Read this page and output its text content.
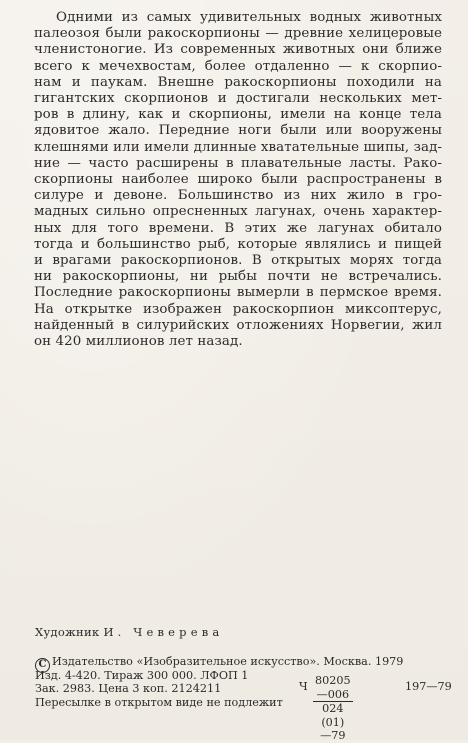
Одними из самых удивительных водных животных
палеозоя были ракоскорпионы — древние хелицеровые
членистоногие. Из современных животных они ближе
всего к мечехвостам, более отдаленно — к скорпио-
нам и паукам. Внешне ракоскорпионы походили на
гигантских скорпионов и достигали нескольких мет-
ров в длину, как и скорпионы, имели на конце тела
ядовитое жало. Передние ноги были или вооружены
клешнями или имели длинные хватательные шипы, зад-
ние — часто расширены в плавательные ласты. Рако-
скорпионы наиболее широко были распространены в
силуре и девоне. Большинство из них жило в гро-
мадных сильно опресненных лагунах, очень характер-
ных для того времени. В этих же лагунах обитало
тогда и большинство рыб, которые являлись и пищей
и врагами ракоскорпионов. В открытых морях тогда
ни ракоскорпионы, ни рыбы почти не встречались.
Последние ракоскорпионы вымерли в пермское время.
На открытке изображен ракоскорпион миксоптерус,
найденный в силурийских отложениях Норвегии, жил
он 420 миллионов лет назад.
Художник И. Чеверева
C Издательство «Изобразительное искусство». Москва. 1979
Изд. 4-420. Тираж 300 000. ЛФОП 1
Зак. 2983. Цена 3 коп. 2124211
Пересылке в открытом виде не подлежит
Ч $\frac{80205—006}{024 (01) —79}$	197—79
